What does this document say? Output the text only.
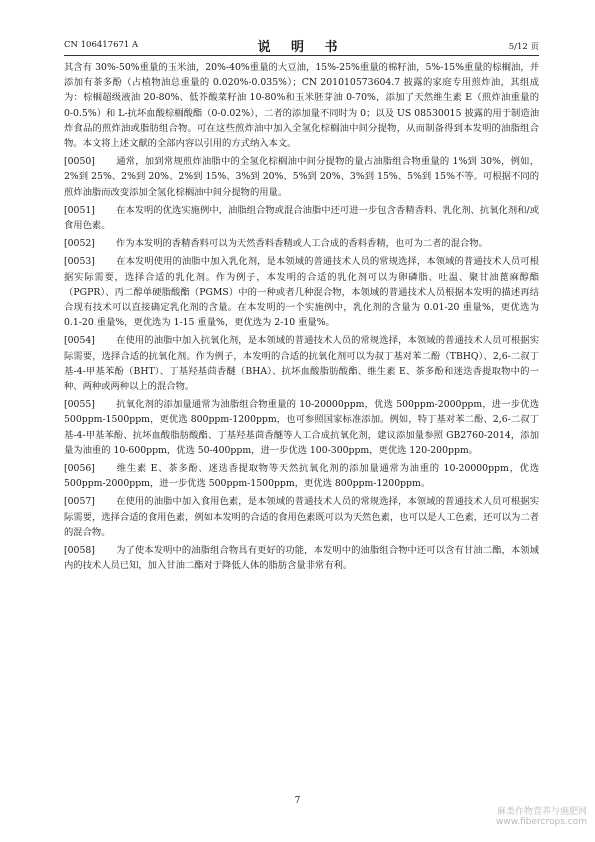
CN 106417671 A	说 明 书	5/12 页

其含有 30%-50%重量的玉米油，20%-40%重量的大豆油，15%-25%重量的棉籽油，5%-15%重量的棕榈油，并添加有茶多酚（占植物油总重量的 0.020%-0.035%）；CN 201010573604.7 披露的家庭专用煎炸油，其组成为：棕榈超级液油 20-80%、低芥酸菜籽油 10-80%和玉米胚芽油 0-70%，添加了天然维生素 E（煎炸油重量的 0-0.5%）和 L-抗坏血酸棕榈酸酯（0-0.02%），二者的添加量不同时为 0；以及 US 08530015 披露的用于制造油炸食品的煎炸油或脂肪组合物。可在这些煎炸油中加入全氢化棕榈油中间分提物，从而制备得到本发明的油脂组合物。本文将上述文献的全部内容以引用的方式纳入本文。

[0050] 通常，加到常规煎炸油脂中的全氢化棕榈油中间分提物的量占油脂组合物重量的 1%到 30%，例如，2%到 25%、2%到 20%、2%到 15%、3%到 20%、5%到 20%、3%到 15%、5%到 15%不等。可根据不同的煎炸油脂而改变添加全氢化棕榈油中间分提物的用量。

[0051] 在本发明的优选实施例中，油脂组合物或混合油脂中还可进一步包含香精香料、乳化剂、抗氧化剂和/或食用色素。

[0052] 作为本发明的香精香料可以为天然香料香精或人工合成的香料香精，也可为二者的混合物。

[0053] 在本发明使用的油脂中加入乳化剂，是本领域的普通技术人员的常规选择，本领域的普通技术人员可根据实际需要，选择合适的乳化剂。作为例子，本发明的合适的乳化剂可以为卵磷脂、吐温、聚甘油蓖麻醇酯（PGPR）、丙二醇单硬脂酸酯（PGMS）中的一种或者几种混合物，本领域的普通技术人员根据本发明的描述再结合现有技术可以直接确定乳化剂的含量。在本发明的一个实施例中，乳化剂的含量为 0.01-20 重量%，更优选为 0.1-20 重量%，更优选为 1-15 重量%，更优选为 2-10 重量%。

[0054] 在使用的油脂中加入抗氧化剂，是本领域的普通技术人员的常规选择，本领域的普通技术人员可根据实际需要，选择合适的抗氧化剂。作为例子，本发明的合适的抗氧化剂可以为叔丁基对苯二酚（TBHQ）、2,6-二叔丁基-4-甲基苯酚（BHT）、丁基羟基茴香醚（BHA）、抗坏血酸脂肪酸酯、维生素 E、茶多酚和迷迭香提取物中的一种、两种或两种以上的混合物。

[0055] 抗氧化剂的添加量通常为油脂组合物重量的 10-20000ppm，优选 500ppm-2000ppm，进一步优选 500ppm-1500ppm，更优选 800ppm-1200ppm，也可参照国家标准添加。例如，特丁基对苯二酚、2,6-二叔丁基-4-甲基苯酚、抗坏血酸脂肪酸酯、丁基羟基茴香醚等人工合成抗氧化剂，建议添加量参照 GB2760-2014，添加量为油重的 10-600ppm，优选 50-400ppm，进一步优选 100-300ppm，更优选 120-200ppm。

[0056] 维生素 E、茶多酚、迷迭香提取物等天然抗氧化剂的添加量通常为油重的 10-20000ppm，优选 500ppm-2000ppm，进一步优选 500ppm-1500ppm，更优选 800ppm-1200ppm。

[0057] 在使用的油脂中加入食用色素，是本领域的普通技术人员的常规选择，本领域的普通技术人员可根据实际需要，选择合适的食用色素，例如本发明的合适的食用色素既可以为天然色素，也可以是人工色素，还可以为二者的混合物。

[0058] 为了使本发明中的油脂组合物具有更好的功能，本发明中的油脂组合物中还可以含有甘油二酯，本领域内的技术人员已知，加入甘油二酯对于降低人体的脂肪含量非常有利。

7
麻类作物营养与施肥网
www.fibercrops.com
